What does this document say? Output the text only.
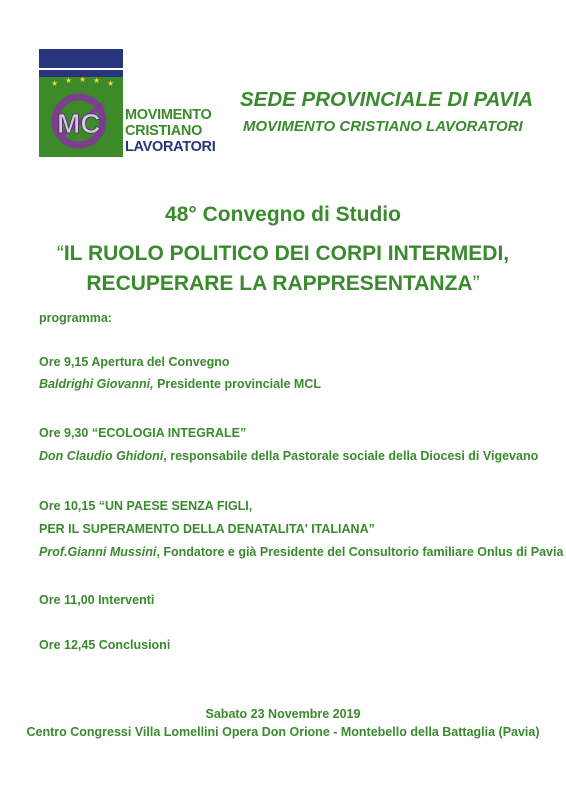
★ ★ ★ ★ ★
MC MOVIMENTO
CRISTIANO
LAVORATORI
SEDE PROVINCIALE DI PAVIA
MOVIMENTO CRISTIANO LAVORATORI
48° Convegno di Studio
“IL RUOLO POLITICO DEI CORPI INTERMEDI,
RECUPERARE LA RAPPRESENTANZA”
programma:
Ore 9,15 Apertura del Convegno
Baldrighi Giovanni, Presidente provinciale MCL
Ore 9,30 “ECOLOGIA INTEGRALE”
Don Claudio Ghidoni, responsabile della Pastorale sociale della Diocesi di Vigevano
Ore 10,15 “UN PAESE SENZA FIGLI,
PER IL SUPERAMENTO DELLA DENATALITA' ITALIANA”
Prof.Gianni Mussini, Fondatore e già Presidente del Consultorio familiare Onlus di Pavia
Ore 11,00 Interventi
Ore 12,45 Conclusioni
Sabato 23 Novembre 2019
Centro Congressi Villa Lomellini Opera Don Orione - Montebello della Battaglia (Pavia)
